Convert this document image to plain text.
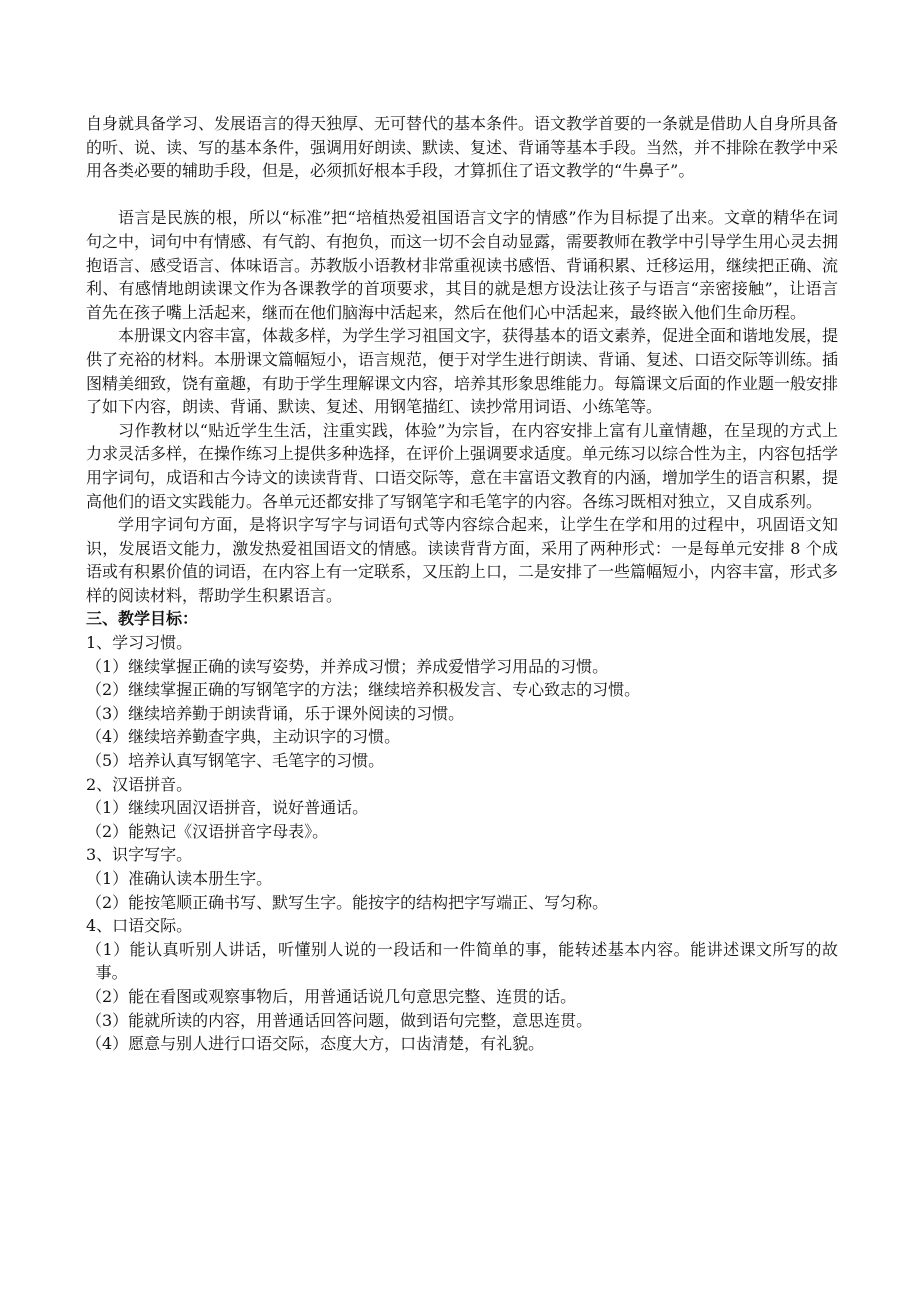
自身就具备学习、发展语言的得天独厚、无可替代的基本条件。语文教学首要的一条就是借助人自身所具备的听、说、读、写的基本条件，强调用好朗读、默读、复述、背诵等基本手段。当然，并不排除在教学中采用各类必要的辅助手段，但是，必须抓好根本手段，才算抓住了语文教学的“牛鼻子”。

语言是民族的根，所以“标准”把“培植热爱祖国语言文字的情感”作为目标提了出来。文章的精华在词句之中，词句中有情感、有气韵、有抱负，而这一切不会自动显露，需要教师在教学中引导学生用心灵去拥抱语言、感受语言、体味语言。苏教版小语教材非常重视读书感悟、背诵积累、迁移运用，继续把正确、流利、有感情地朗读课文作为各课教学的首项要求，其目的就是想方设法让孩子与语言“亲密接触”，让语言首先在孩子嘴上活起来，继而在他们脑海中活起来，然后在他们心中活起来，最终嵌入他们生命历程。

本册课文内容丰富，体裁多样，为学生学习祖国文字，获得基本的语文素养，促进全面和谐地发展，提供了充裕的材料。本册课文篇幅短小，语言规范，便于对学生进行朗读、背诵、复述、口语交际等训练。插图精美细致，饶有童趣，有助于学生理解课文内容，培养其形象思维能力。每篇课文后面的作业题一般安排了如下内容，朗读、背诵、默读、复述、用钢笔描红、读抄常用词语、小练笔等。

习作教材以“贴近学生生活，注重实践，体验”为宗旨，在内容安排上富有儿童情趣，在呈现的方式上力求灵活多样，在操作练习上提供多种选择，在评价上强调要求适度。单元练习以综合性为主，内容包括学用字词句，成语和古今诗文的读读背背、口语交际等，意在丰富语文教育的内涵，增加学生的语言积累，提高他们的语文实践能力。各单元还都安排了写钢笔字和毛笔字的内容。各练习既相对独立，又自成系列。

学用字词句方面，是将识字写字与词语句式等内容综合起来，让学生在学和用的过程中，巩固语文知识，发展语文能力，激发热爱祖国语文的情感。读读背背方面，采用了两种形式：一是每单元安排 8 个成语或有积累价值的词语，在内容上有一定联系，又压韵上口，二是安排了一些篇幅短小，内容丰富，形式多样的阅读材料，帮助学生积累语言。

三、教学目标：

1、学习习惯。

（1）继续掌握正确的读写姿势，并养成习惯；养成爱惜学习用品的习惯。

（2）继续掌握正确的写钢笔字的方法；继续培养积极发言、专心致志的习惯。

（3）继续培养勤于朗读背诵，乐于课外阅读的习惯。

（4）继续培养勤查字典，主动识字的习惯。

（5）培养认真写钢笔字、毛笔字的习惯。

2、汉语拼音。

（1）继续巩固汉语拼音，说好普通话。

（2）能熟记《汉语拼音字母表》。

3、识字写字。

（1）准确认读本册生字。

（2）能按笔顺正确书写、默写生字。能按字的结构把字写端正、写匀称。

4、口语交际。

（1）能认真听别人讲话，听懂别人说的一段话和一件简单的事，能转述基本内容。能讲述课文所写的故事。

（2）能在看图或观察事物后，用普通话说几句意思完整、连贯的话。

（3）能就所读的内容，用普通话回答问题，做到语句完整，意思连贯。

（4）愿意与别人进行口语交际，态度大方，口齿清楚，有礼貌。
